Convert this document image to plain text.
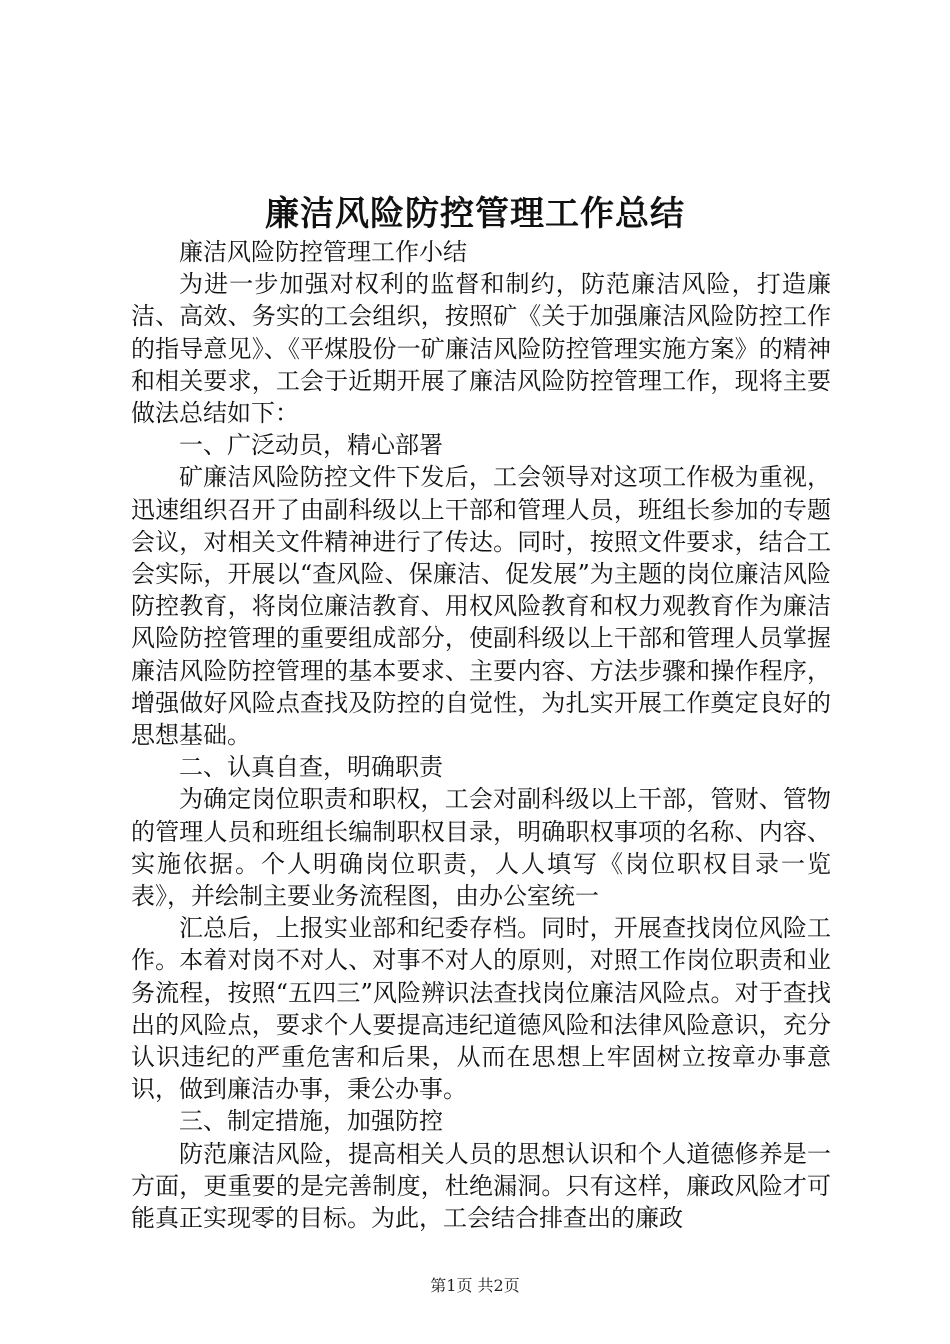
廉洁风险防控管理工作总结

廉洁风险防控管理工作小结

为进一步加强对权利的监督和制约，防范廉洁风险，打造廉洁、高效、务实的工会组织，按照矿《关于加强廉洁风险防控工作的指导意见》、《平煤股份一矿廉洁风险防控管理实施方案》的精神和相关要求，工会于近期开展了廉洁风险防控管理工作，现将主要做法总结如下：

一、广泛动员，精心部署

矿廉洁风险防控文件下发后，工会领导对这项工作极为重视，迅速组织召开了由副科级以上干部和管理人员，班组长参加的专题会议，对相关文件精神进行了传达。同时，按照文件要求，结合工会实际，开展以“查风险、保廉洁、促发展”为主题的岗位廉洁风险防控教育，将岗位廉洁教育、用权风险教育和权力观教育作为廉洁风险防控管理的重要组成部分，使副科级以上干部和管理人员掌握廉洁风险防控管理的基本要求、主要内容、方法步骤和操作程序，增强做好风险点查找及防控的自觉性，为扎实开展工作奠定良好的思想基础。

二、认真自查，明确职责

为确定岗位职责和职权，工会对副科级以上干部，管财、管物的管理人员和班组长编制职权目录，明确职权事项的名称、内容、实施依据。个人明确岗位职责，人人填写《岗位职权目录一览表》，并绘制主要业务流程图，由办公室统一

汇总后，上报实业部和纪委存档。同时，开展查找岗位风险工作。本着对岗不对人、对事不对人的原则，对照工作岗位职责和业务流程，按照“五四三”风险辨识法查找岗位廉洁风险点。对于查找出的风险点，要求个人要提高违纪道德风险和法律风险意识，充分认识违纪的严重危害和后果，从而在思想上牢固树立按章办事意识，做到廉洁办事，秉公办事。

三、制定措施，加强防控

防范廉洁风险，提高相关人员的思想认识和个人道德修养是一方面，更重要的是完善制度，杜绝漏洞。只有这样，廉政风险才可能真正实现零的目标。为此，工会结合排查出的廉政

第1页 共2页
